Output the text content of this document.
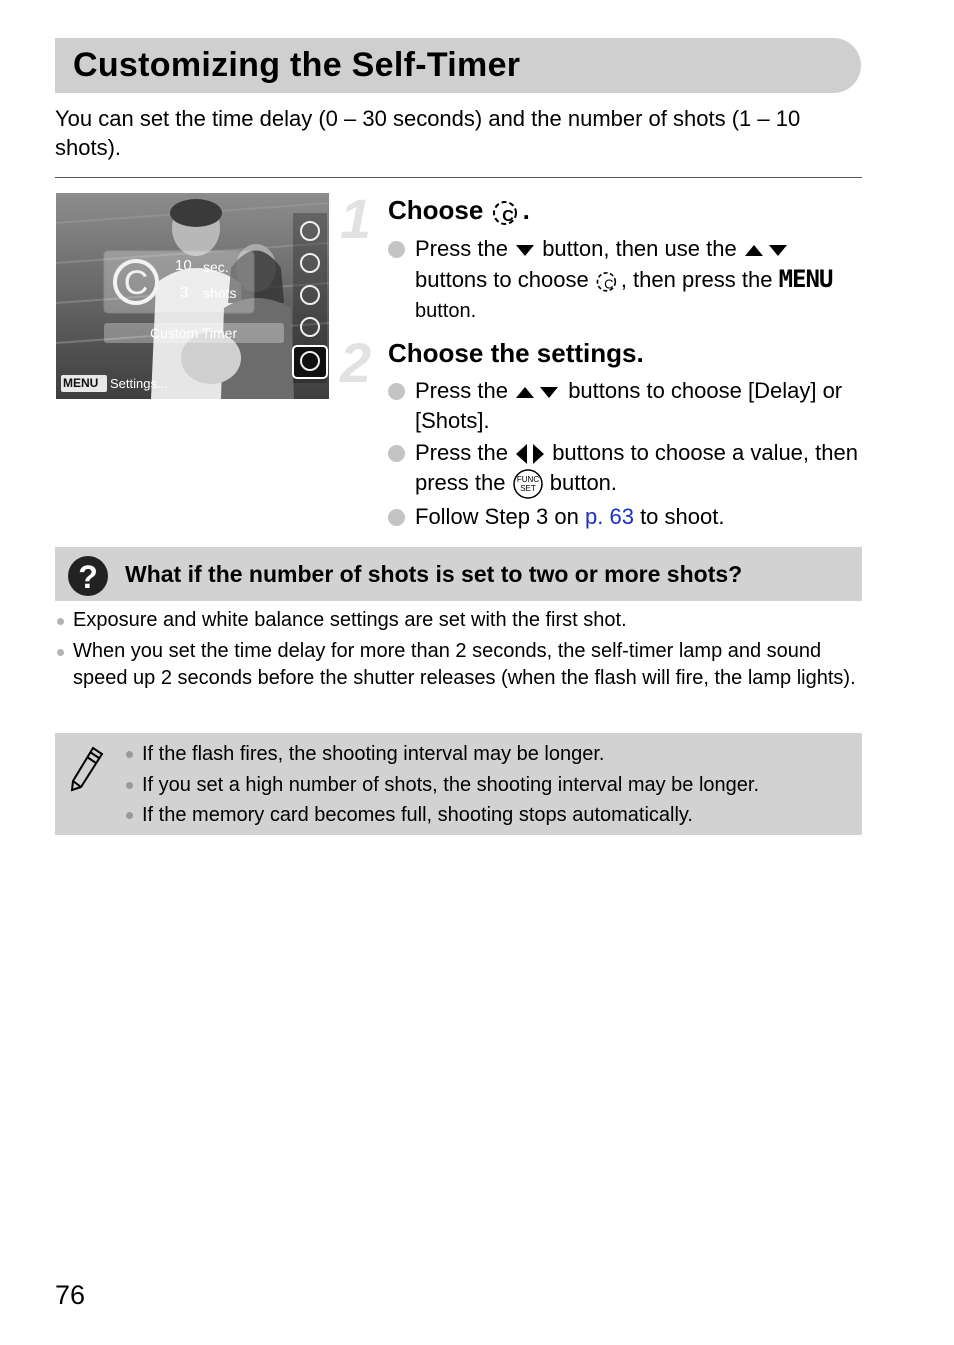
Customizing the Self-Timer
You can set the time delay (0 – 30 seconds) and the number of shots (1 – 10 shots).
C 10 sec.
3 shots
Custom Timer
MENU Settings...
1 Choose C .
Press the button, then use the  buttons to choose C , then press the MENU button.
2 Choose the settings.
Press the	buttons to choose [Delay] or [Shots].
Press the buttons to choose a value, then press the FUNC
SET button.
Follow Step 3 on p. 63 to shoot.
? What if the number of shots is set to two or more shots?
Exposure and white balance settings are set with the first shot.
When you set the time delay for more than 2 seconds, the self-timer lamp and sound speed up 2 seconds before the shutter releases (when the flash will fire, the lamp lights).
If the flash fires, the shooting interval may be longer.
If you set a high number of shots, the shooting interval may be longer.
If the memory card becomes full, shooting stops automatically.
76
